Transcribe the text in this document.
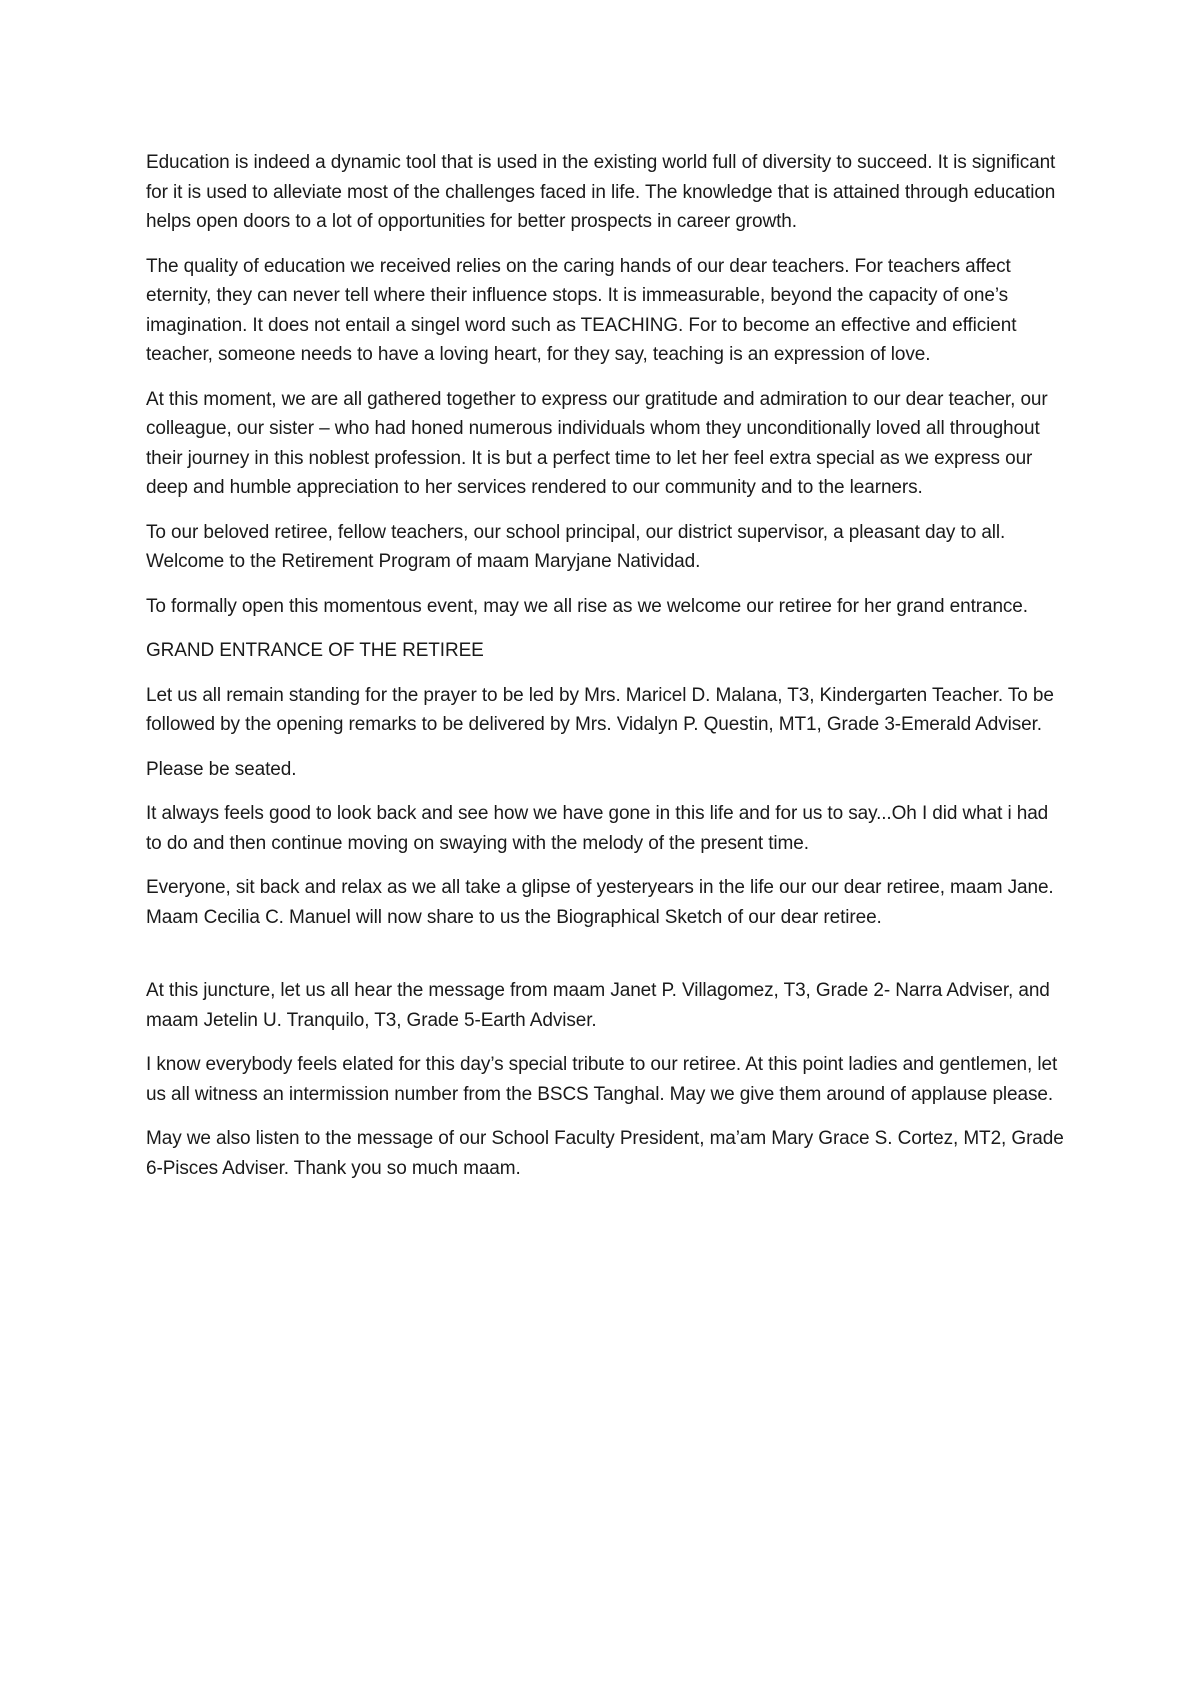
Education is indeed a dynamic tool that is used in the existing world full of diversity to succeed. It is significant for it is used to alleviate most of the challenges faced in life. The knowledge that is attained through education helps open doors to a lot of opportunities for better prospects in career growth.

The quality of education we received relies on the caring hands of our dear teachers. For teachers affect eternity, they can never tell where their influence stops. It is immeasurable, beyond the capacity of one’s imagination. It does not entail a singel word such as TEACHING. For to become an effective and efficient teacher, someone needs to have a loving heart, for they say, teaching is an expression of love.

At this moment, we are all gathered together to express our gratitude and admiration to our dear teacher, our colleague, our sister – who had honed numerous individuals whom they unconditionally loved all throughout their journey in this noblest profession. It is but a perfect time to let her feel extra special as we express our deep and humble appreciation to her services rendered to our community and to the learners.

To our beloved retiree, fellow teachers, our school principal, our district supervisor, a pleasant day to all. Welcome to the Retirement Program of maam Maryjane Natividad.

To formally open this momentous event, may we all rise as we welcome our retiree for her grand entrance.

GRAND ENTRANCE OF THE RETIREE

Let us all remain standing for the prayer to be led by Mrs. Maricel D. Malana, T3, Kindergarten Teacher. To be followed by the opening remarks to be delivered by Mrs. Vidalyn P. Questin, MT1, Grade 3-Emerald Adviser.

Please be seated.

It always feels good to look back and see how we have gone in this life and for us to say...Oh I did what i had to do and then continue moving on swaying with the melody of the present time.

Everyone, sit back and relax as we all take a glipse of yesteryears in the life our our dear retiree, maam Jane. Maam Cecilia C. Manuel will now share to us the Biographical Sketch of our dear retiree.

At this juncture, let us all hear the message from maam Janet P. Villagomez, T3, Grade 2- Narra Adviser, and maam Jetelin U. Tranquilo, T3, Grade 5-Earth Adviser.

I know everybody feels elated for this day’s special tribute to our retiree. At this point ladies and gentlemen, let us all witness an intermission number from the BSCS Tanghal. May we give them around of applause please.

May we also listen to the message of our School Faculty President, ma’am Mary Grace S. Cortez, MT2, Grade 6-Pisces Adviser. Thank you so much maam.
